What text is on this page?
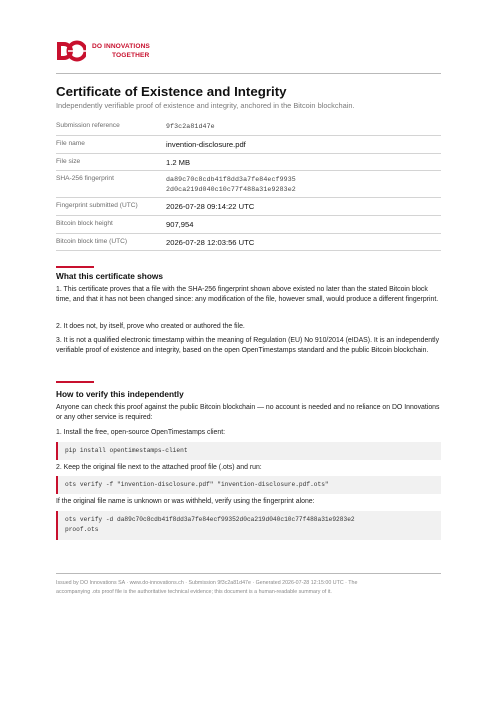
DO INNOVATIONS
TOGETHER
Certificate of Existence and Integrity
Independently verifiable proof of existence and integrity, anchored in the Bitcoin blockchain.
Submission reference	9f3c2a81d47e
File name	invention-disclosure.pdf
File size	1.2 MB
SHA-256 fingerprint	da89c70c8cdb41f8dd3a7fe84ecf9935
2d0ca219d040c10c77f488a31e9283e2
Fingerprint submitted (UTC)	2026-07-28 09:14:22 UTC
Bitcoin block height	907,954
Bitcoin block time (UTC)	2026-07-28 12:03:56 UTC
What this certificate shows
1. This certificate proves that a file with the SHA-256 fingerprint shown above existed no later than the stated Bitcoin block time, and that it has not been changed since: any modification of the file, however small, would produce a different fingerprint.
2. It does not, by itself, prove who created or authored the file.
3. It is not a qualified electronic timestamp within the meaning of Regulation (EU) No 910/2014 (eIDAS). It is an independently verifiable proof of existence and integrity, based on the open OpenTimestamps standard and the public Bitcoin blockchain.
How to verify this independently
Anyone can check this proof against the public Bitcoin blockchain — no account is needed and no reliance on DO Innovations or any other service is required:
1. Install the free, open-source OpenTimestamps client:
pip install opentimestamps-client
2. Keep the original file next to the attached proof file (.ots) and run:
ots verify -f "invention-disclosure.pdf" "invention-disclosure.pdf.ots"
If the original file name is unknown or was withheld, verify using the fingerprint alone:
ots verify -d da89c70c8cdb41f8dd3a7fe84ecf99352d0ca219d040c10c77f488a31e9283e2
proof.ots
Issued by DO Innovations SA · www.do-innovations.ch · Submission 9f3c2a81d47e · Generated 2026-07-28 12:15:00 UTC · The
accompanying .ots proof file is the authoritative technical evidence; this document is a human-readable summary of it.
